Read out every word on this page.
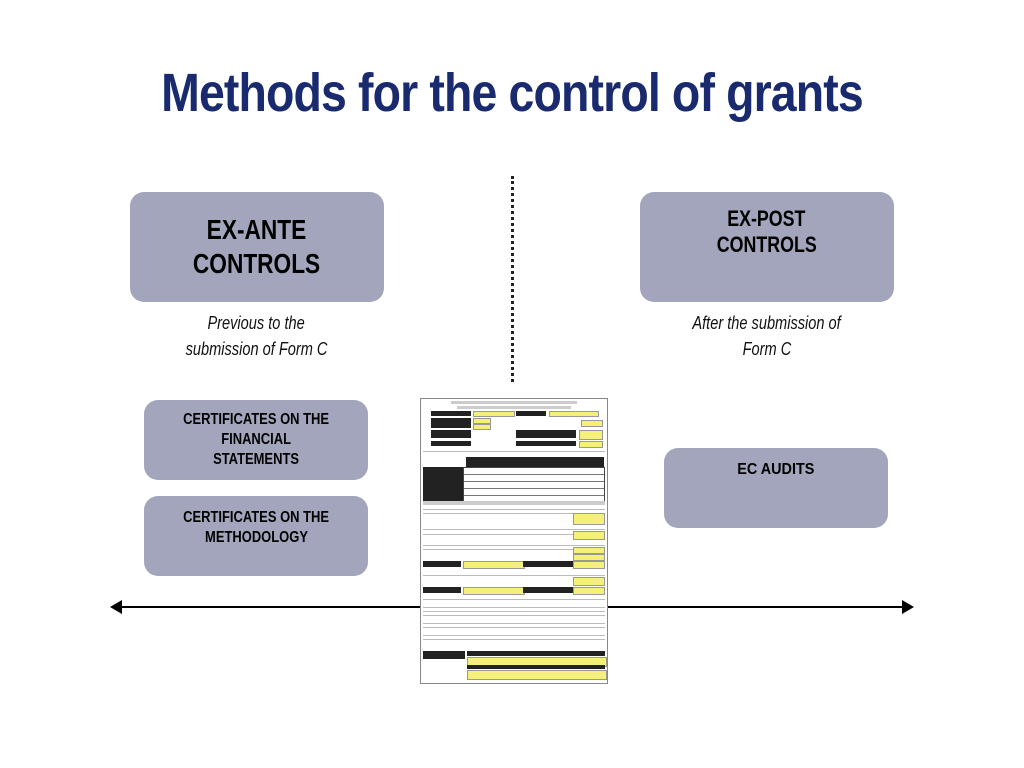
Methods for the control of grants
EX-ANTE
CONTROLS
Previous to the
submission of Form C
CERTIFICATES ON THE
FINANCIAL
STATEMENTS
CERTIFICATES ON THE
METHODOLOGY
EX-POST
CONTROLS
After the submission of
Form C
EC AUDITS
